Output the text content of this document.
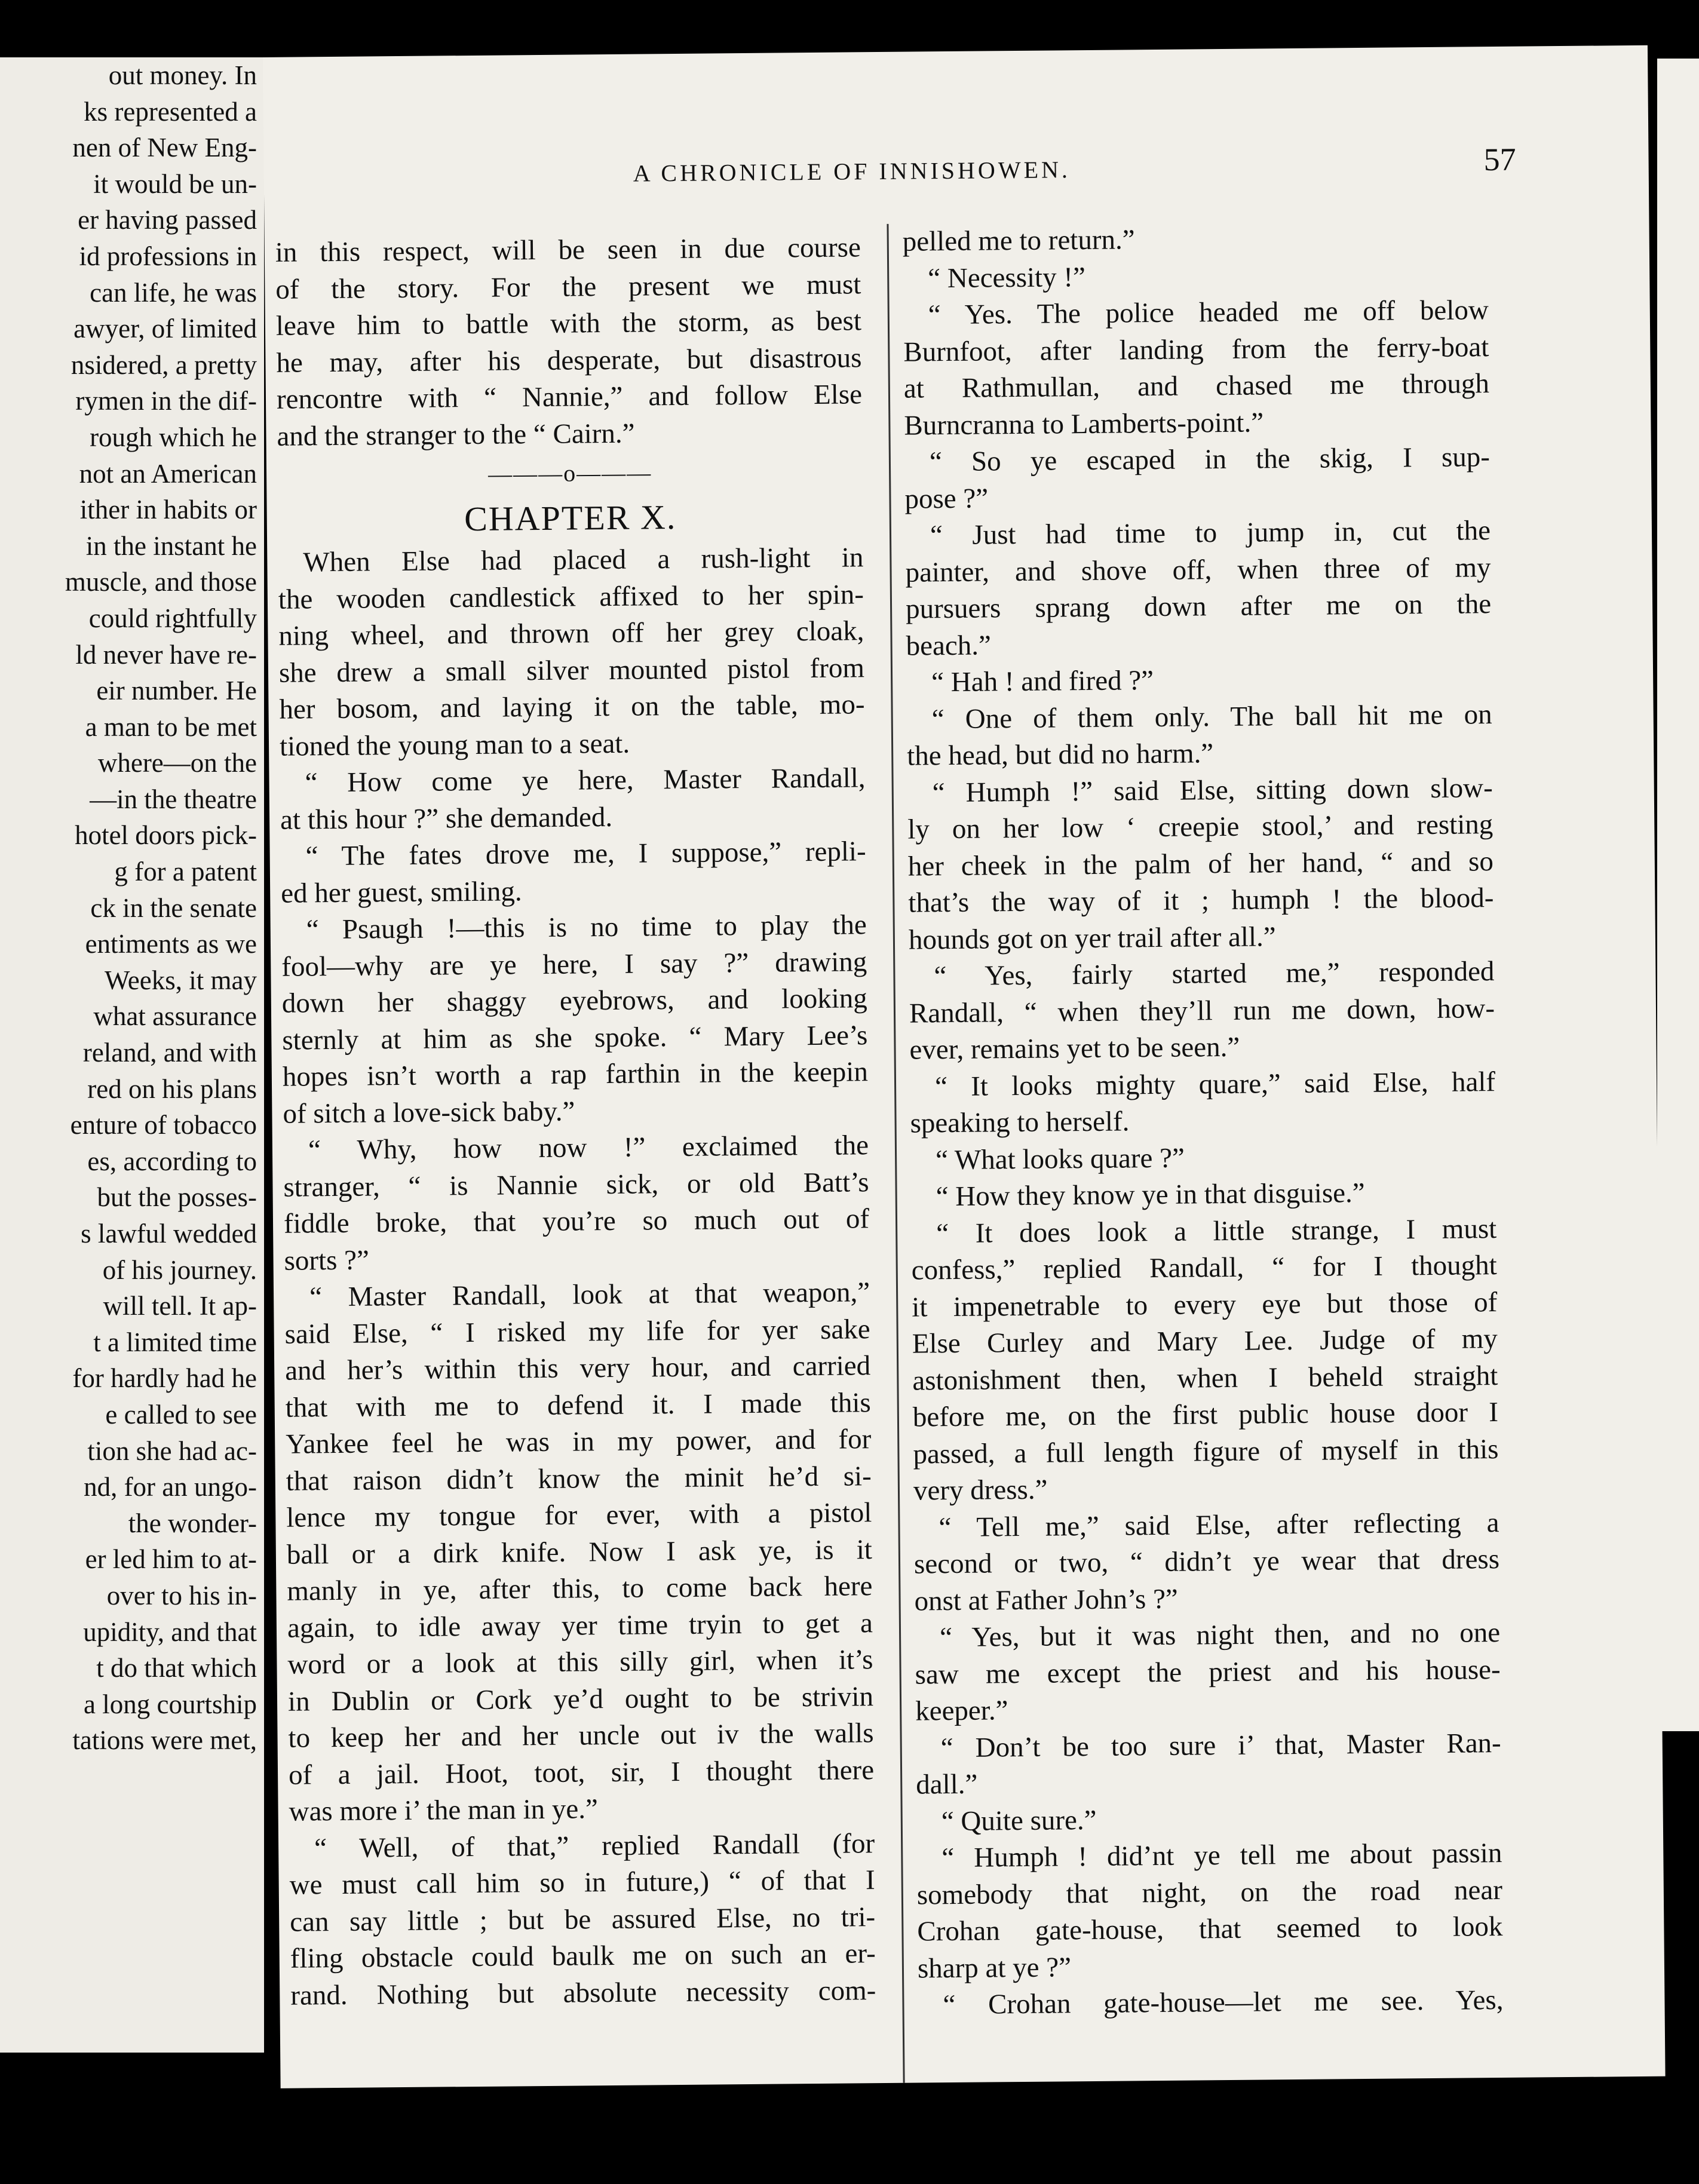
out money. In
ks represented a
nen of New Eng-
it would be un-
er having passed
id professions in
can life, he was
awyer, of limited
nsidered, a pretty
rymen in the dif-
rough which he
not an American
ither in habits or
in the instant he
muscle, and those
could rightfully
ld never have re-
eir number. He
a man to be met
where—on the
—in the theatre
hotel doors pick-
g for a patent
ck in the senate
entiments as we
Weeks, it may
what assurance
reland, and with
red on his plans
enture of tobacco
es, according to
but the posses-
s lawful wedded
of his journey.
will tell. It ap-
t a limited time
for hardly had he
e called to see
tion she had ac-
nd, for an ungo-
the wonder-
er led him to at-
over to his in-
upidity, and that
t do that which
a long courtship
tations were met,
A CHRONICLE OF INNISHOWEN.	57
in this respect, will be seen in due course
of the story. For the present we must
leave him to battle with the storm, as best
he may, after his desperate, but disastrous
rencontre with “ Nannie,” and follow Else
and the stranger to the “ Cairn.”
———o———
CHAPTER X.
When Else had placed a rush-light in
the wooden candlestick affixed to her spin-
ning wheel, and thrown off her grey cloak,
she drew a small silver mounted pistol from
her bosom, and laying it on the table, mo-
tioned the young man to a seat.
“ How come ye here, Master Randall,
at this hour ?” she demanded.
“ The fates drove me, I suppose,” repli-
ed her guest, smiling.
“ Psaugh !—this is no time to play the
fool—why are ye here, I say ?” drawing
down her shaggy eyebrows, and looking
sternly at him as she spoke. “ Mary Lee’s
hopes isn’t worth a rap farthin in the keepin
of sitch a love-sick baby.”
“ Why, how now !” exclaimed the
stranger, “ is Nannie sick, or old Batt’s
fiddle broke, that you’re so much out of
sorts ?”
“ Master Randall, look at that weapon,”
said Else, “ I risked my life for yer sake
and her’s within this very hour, and carried
that with me to defend it. I made this
Yankee feel he was in my power, and for
that raison didn’t know the minit he’d si-
lence my tongue for ever, with a pistol
ball or a dirk knife. Now I ask ye, is it
manly in ye, after this, to come back here
again, to idle away yer time tryin to get a
word or a look at this silly girl, when it’s
in Dublin or Cork ye’d ought to be strivin
to keep her and her uncle out iv the walls
of a jail. Hoot, toot, sir, I thought there
was more i’ the man in ye.”
“ Well, of that,” replied Randall (for
we must call him so in future,) “ of that I
can say little ; but be assured Else, no tri-
fling obstacle could baulk me on such an er-
rand. Nothing but absolute necessity com-
pelled me to return.”
“ Necessity !”
“ Yes. The police headed me off below
Burnfoot, after landing from the ferry-boat
at Rathmullan, and chased me through
Burncranna to Lamberts-point.”
“ So ye escaped in the skig, I sup-
pose ?”
“ Just had time to jump in, cut the
painter, and shove off, when three of my
pursuers sprang down after me on the
beach.”
“ Hah ! and fired ?”
“ One of them only. The ball hit me on
the head, but did no harm.”
“ Humph !” said Else, sitting down slow-
ly on her low ‘ creepie stool,’ and resting
her cheek in the palm of her hand, “ and so
that’s the way of it ; humph ! the blood-
hounds got on yer trail after all.”
“ Yes, fairly started me,” responded
Randall, “ when they’ll run me down, how-
ever, remains yet to be seen.”
“ It looks mighty quare,” said Else, half
speaking to herself.
“ What looks quare ?”
“ How they know ye in that disguise.”
“ It does look a little strange, I must
confess,” replied Randall, “ for I thought
it impenetrable to every eye but those of
Else Curley and Mary Lee. Judge of my
astonishment then, when I beheld straight
before me, on the first public house door I
passed, a full length figure of myself in this
very dress.”
“ Tell me,” said Else, after reflecting a
second or two, “ didn’t ye wear that dress
onst at Father John’s ?”
“ Yes, but it was night then, and no one
saw me except the priest and his house-
keeper.”
“ Don’t be too sure i’ that, Master Ran-
dall.”
“ Quite sure.”
“ Humph ! did’nt ye tell me about passin
somebody that night, on the road near
Crohan gate-house, that seemed to look
sharp at ye ?”
“ Crohan gate-house—let me see. Yes,
